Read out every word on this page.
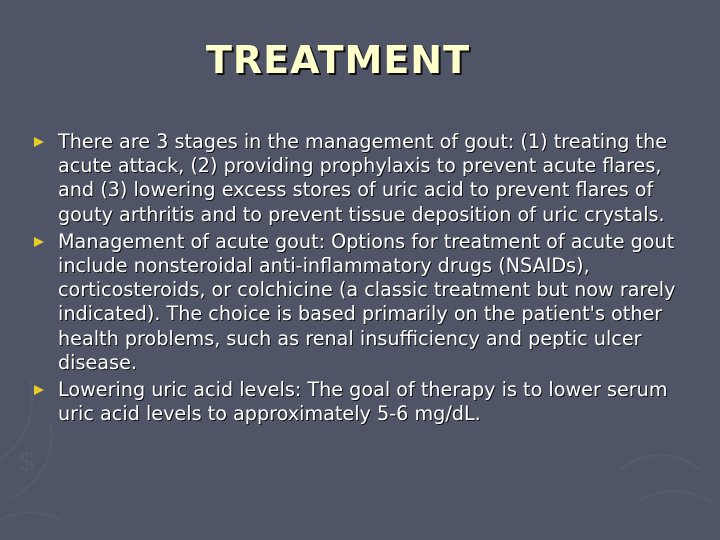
$
TREATMENT
There are 3 stages in the management of gout: (1) treating the acute attack, (2) providing prophylaxis to prevent acute flares, and (3) lowering excess stores of uric acid to prevent flares of gouty arthritis and to prevent tissue deposition of uric crystals.
Management of acute gout: Options for treatment of acute gout include nonsteroidal anti-inflammatory drugs (NSAIDs), corticosteroids, or colchicine (a classic treatment but now rarely indicated). The choice is based primarily on the patient's other health problems, such as renal insufficiency and peptic ulcer disease.
Lowering uric acid levels: The goal of therapy is to lower serum uric acid levels to approximately 5-6 mg/dL.
